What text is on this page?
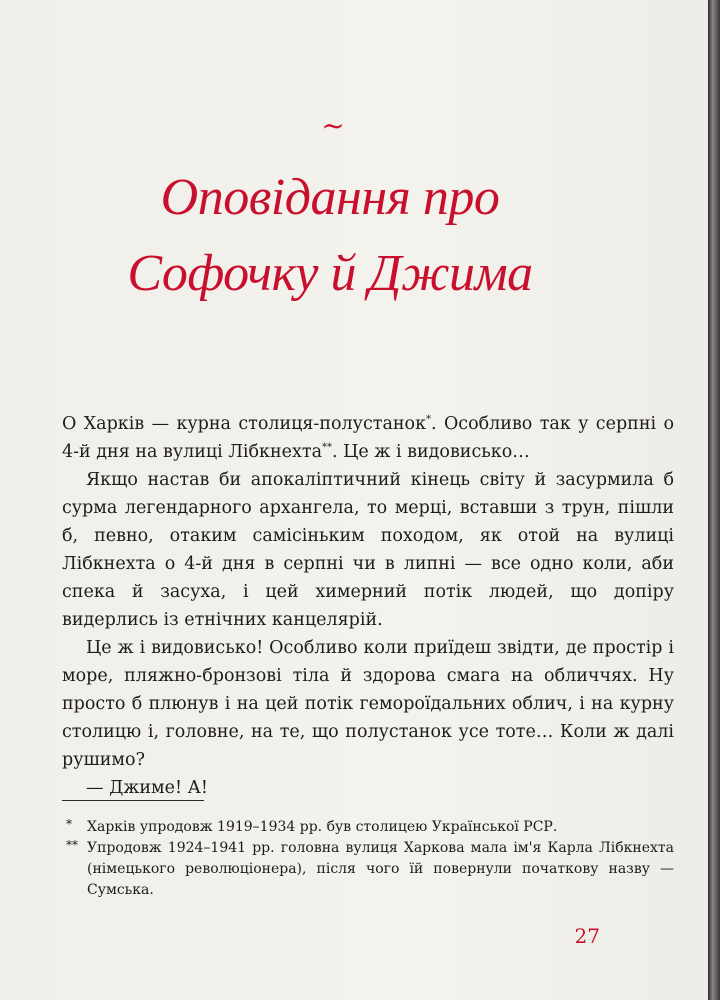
~
Оповідання про
Софочку й Джима

О Харків — курна столиця-полустанок*. Особливо так у серпні о 4-й дня на вулиці Лібкнехта**. Це ж і видовисько…

Якщо настав би апокаліптичний кінець світу й засурмила б сурма легендарного архангела, то мерці, вставши з трун, пішли б, певно, отаким самісіньким походом, як отой на вулиці Лібкнехта о 4-й дня в серпні чи в липні — все одно коли, аби спека й засуха, і цей химерний потік людей, що допіру видерлись із етнічних канцелярій.

Це ж і видовисько! Особливо коли приїдеш звідти, де простір і море, пляжно-бронзові тіла й здорова смага на обличчях. Ну просто б плюнув і на цей потік геморoїдальних облич, і на курну столицю і, головне, на те, що полустанок усе тоте… Коли ж далі рушимо?

— Джиме! А!

* Харків упродовж 1919–1934 рр. був столицею Української РСР.
** Упродовж 1924–1941 рр. головна вулиця Харкова мала ім'я Карла Лібкнехта (німецького революціонера), після чого їй повернули початкову назву — Сумська.
27
